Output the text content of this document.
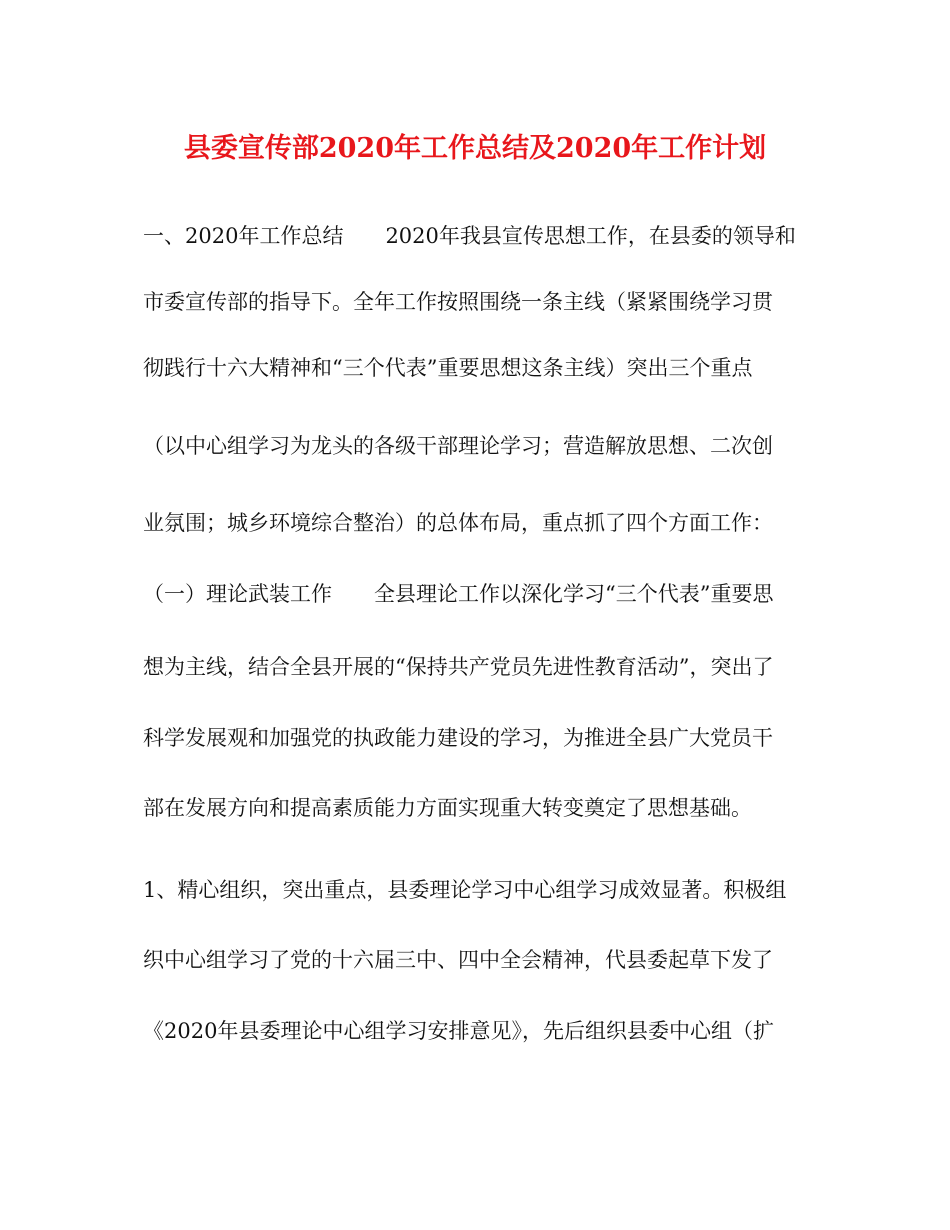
县委宣传部2020年工作总结及2020年工作计划
一、2020年工作总结　　2020年我县宣传思想工作，在县委的领导和
市委宣传部的指导下。全年工作按照围绕一条主线（紧紧围绕学习贯
彻践行十六大精神和“三个代表”重要思想这条主线）突出三个重点
（以中心组学习为龙头的各级干部理论学习；营造解放思想、二次创
业氛围；城乡环境综合整治）的总体布局，重点抓了四个方面工作：
（一）理论武装工作　　全县理论工作以深化学习“三个代表”重要思
想为主线，结合全县开展的“保持共产党员先进性教育活动”，突出了
科学发展观和加强党的执政能力建设的学习，为推进全县广大党员干
部在发展方向和提高素质能力方面实现重大转变奠定了思想基础。
1、精心组织，突出重点，县委理论学习中心组学习成效显著。积极组
织中心组学习了党的十六届三中、四中全会精神，代县委起草下发了
《2020年县委理论中心组学习安排意见》，先后组织县委中心组（扩
